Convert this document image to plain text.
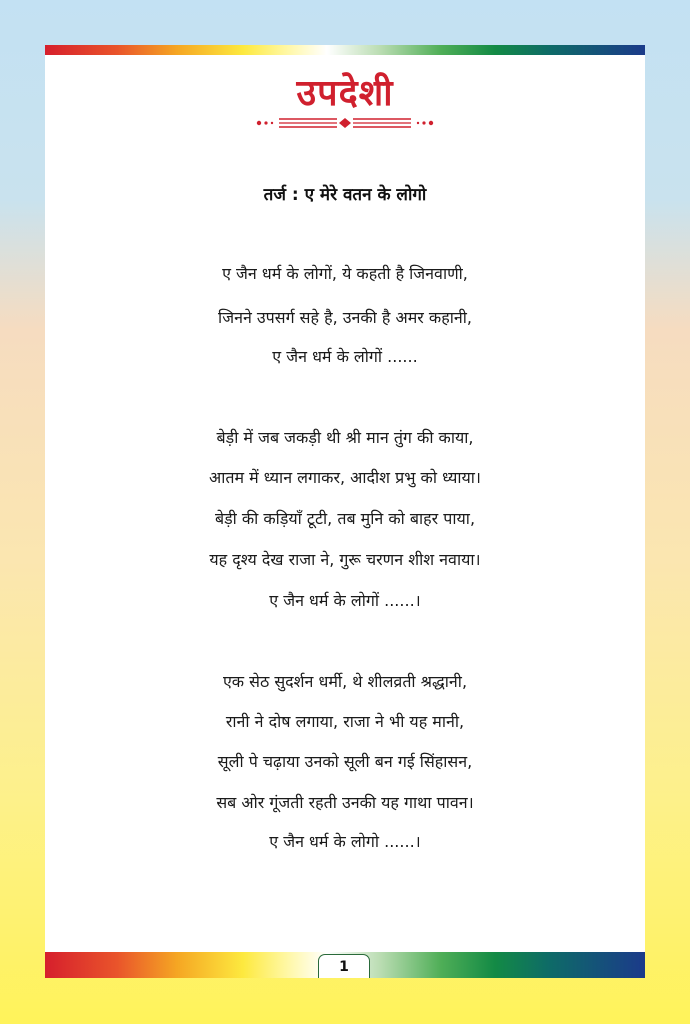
उपदेशी
तर्ज : ए मेरे वतन के लोगो
ए जैन धर्म के लोगों, ये कहती है जिनवाणी,
जिनने उपसर्ग सहे है, उनकी है अमर कहानी,
ए जैन धर्म के लोगों ......
बेड़ी में जब जकड़ी थी श्री मान तुंग की काया,
आतम में ध्यान लगाकर, आदीश प्रभु को ध्याया।
बेड़ी की कड़ियाँ टूटी, तब मुनि को बाहर पाया,
यह दृश्य देख राजा ने, गुरू चरणन शीश नवाया।
ए जैन धर्म के लोगों ......।
एक सेठ सुदर्शन धर्मी, थे शीलव्रती श्रद्धानी,
रानी ने दोष लगाया, राजा ने भी यह मानी,
सूली पे चढ़ाया उनको सूली बन गई सिंहासन,
सब ओर गूंजती रहती उनकी यह गाथा पावन।
ए जैन धर्म के लोगो ......।
1
